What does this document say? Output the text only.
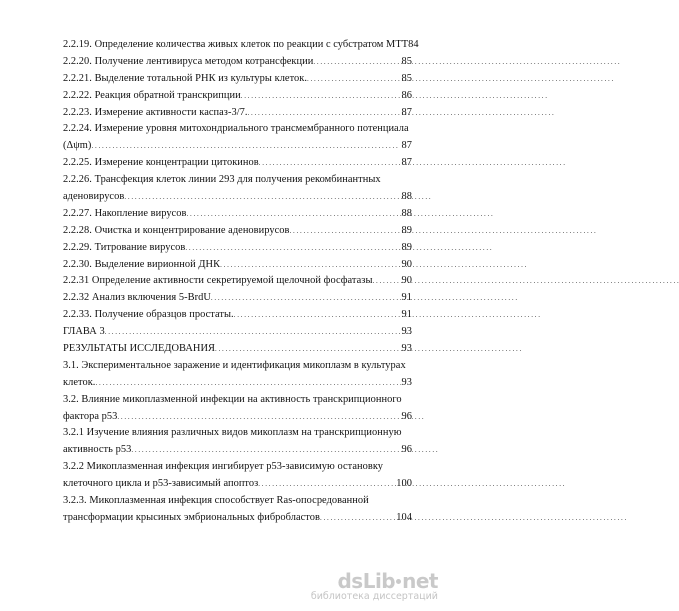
2.2.19. Определение количества живых клеток по реакции с субстратом МТТ84
2.2.20. Получение лентивируса методом котрансфекции . . .	85
2.2.21. Выделение тотальной РНК из культуры клеток. . . .	85
2.2.22. Реакция обратной транскрипции . . .	86
2.2.23. Измерение активности каспаз-3/7. . . .	87
2.2.24. Измерение уровня митохондриального трансмембранного потенциала
(Δψm) . . .	87
2.2.25. Измерение концентрации цитокинов . . .	87
2.2.26. Трансфекция клеток линии 293 для получения рекомбинантных
аденовирусов . . .	88
2.2.27. Накопление вирусов . . .	88
2.2.28. Очистка и концентрирование аденовирусов . . .	89
2.2.29. Титрование вирусов . . .	89
2.2.30. Выделение вирионной ДНК . . .	90
2.2.31 Определение активности секретируемой щелочной фосфатазы . . .	90
2.2.32 Анализ включения 5-BrdU . . .	91
2.2.33. Получение образцов простаты. . . .	91
ГЛАВА 3 . . .	93
РЕЗУЛЬТАТЫ ИССЛЕДОВАНИЯ . . .	93
3.1. Экспериментальное заражение и идентификация микоплазм в культурах
клеток. . . .	93
3.2. Влияние микоплазменной инфекции на активность транскрипционного
фактора р53 . . .	96
3.2.1 Изучение влияния различных видов микоплазм на транскрипционную
активность р53 . . .	96
3.2.2 Микоплазменная инфекция ингибирует р53-зависимую остановку
клеточного цикла и р53-зависимый апоптоз . . .	100
3.2.3. Микоплазменная инфекция способствует Ras-опосредованной
трансформации крысиных эмбриональных фибробластов . . .	104
dsLib net
библиотека диссертаций
